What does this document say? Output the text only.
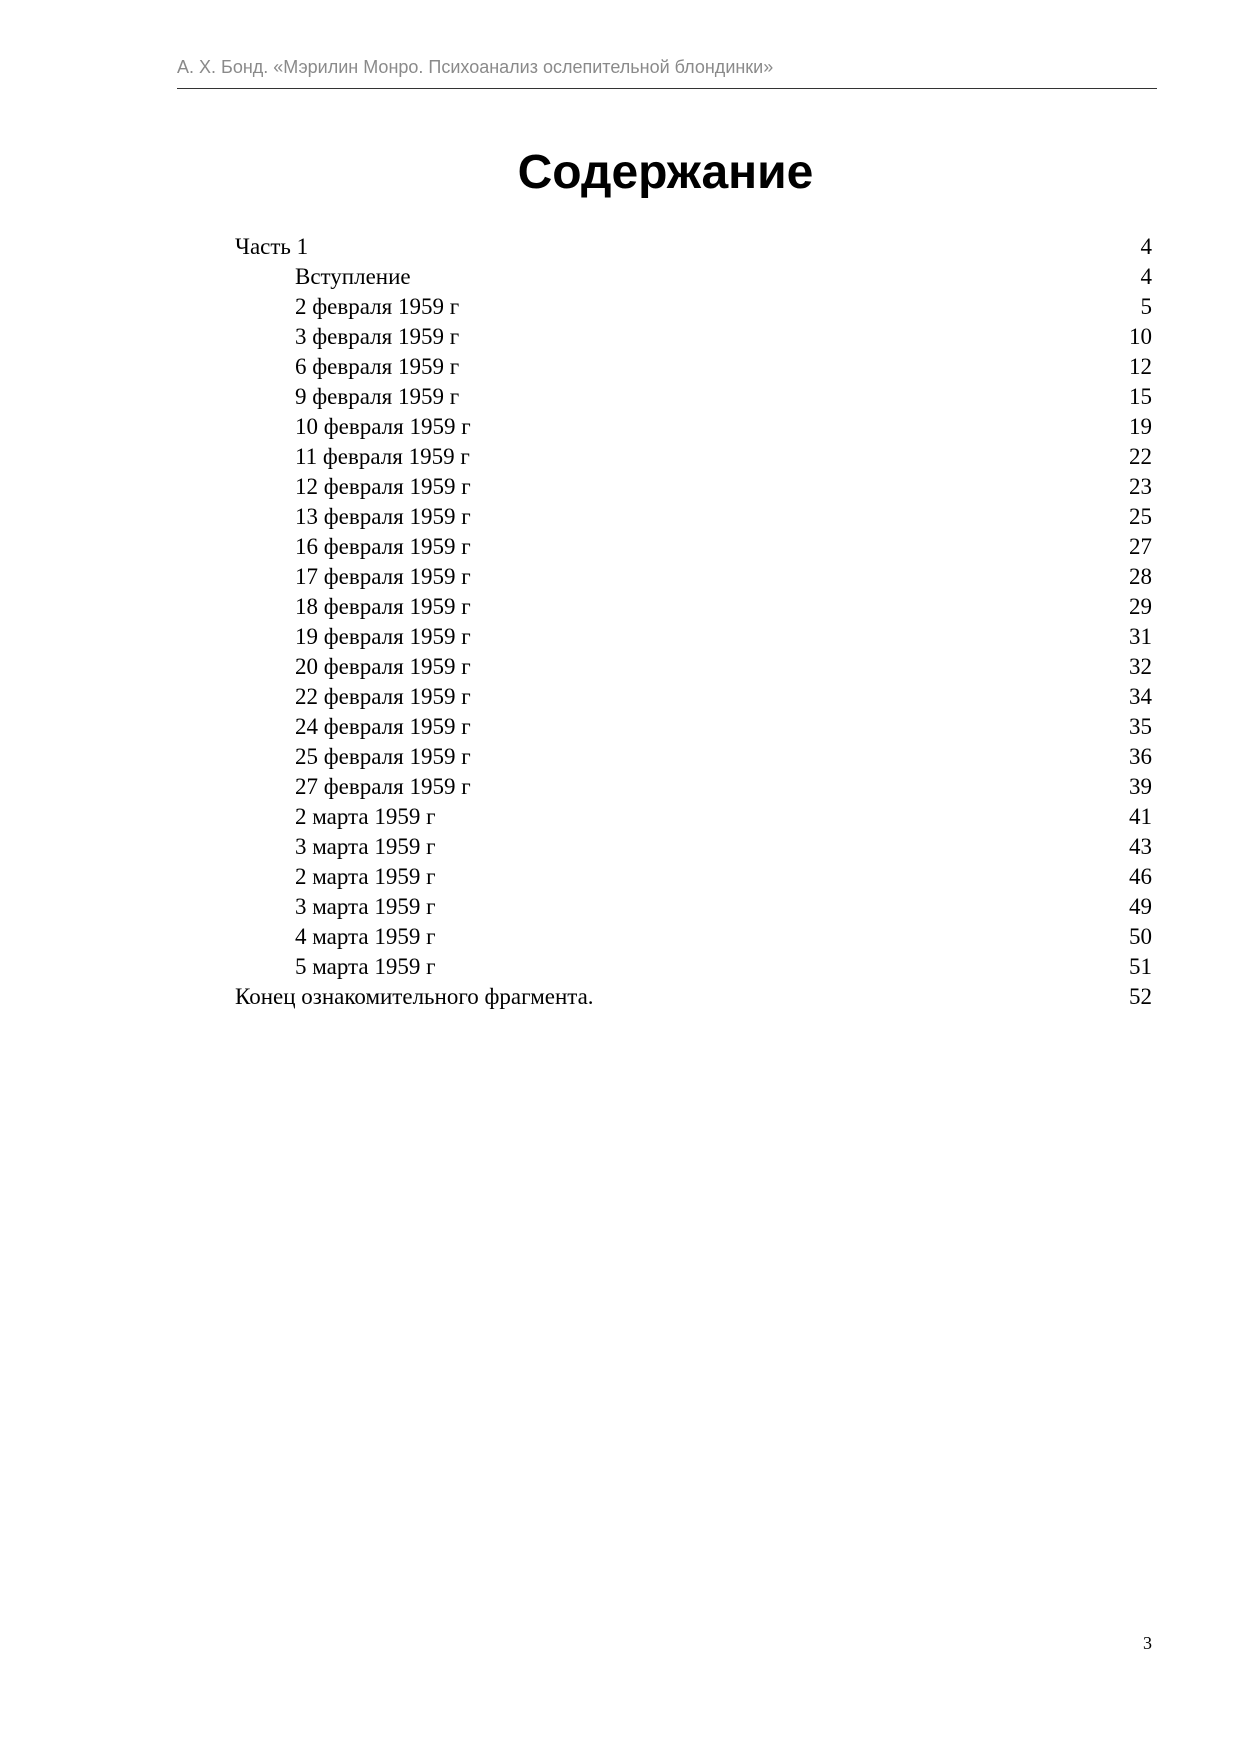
А. Х. Бонд. «Мэрилин Монро. Психоанализ ослепительной блондинки»
Содержание
Часть 1	4
Вступление	4
2 февраля 1959 г	5
3 февраля 1959 г	10
6 февраля 1959 г	12
9 февраля 1959 г	15
10 февраля 1959 г	19
11 февраля 1959 г	22
12 февраля 1959 г	23
13 февраля 1959 г	25
16 февраля 1959 г	27
17 февраля 1959 г	28
18 февраля 1959 г	29
19 февраля 1959 г	31
20 февраля 1959 г	32
22 февраля 1959 г	34
24 февраля 1959 г	35
25 февраля 1959 г	36
27 февраля 1959 г	39
2 марта 1959 г	41
3 марта 1959 г	43
2 марта 1959 г	46
3 марта 1959 г	49
4 марта 1959 г	50
5 марта 1959 г	51
Конец ознакомительного фрагмента.	52
3
